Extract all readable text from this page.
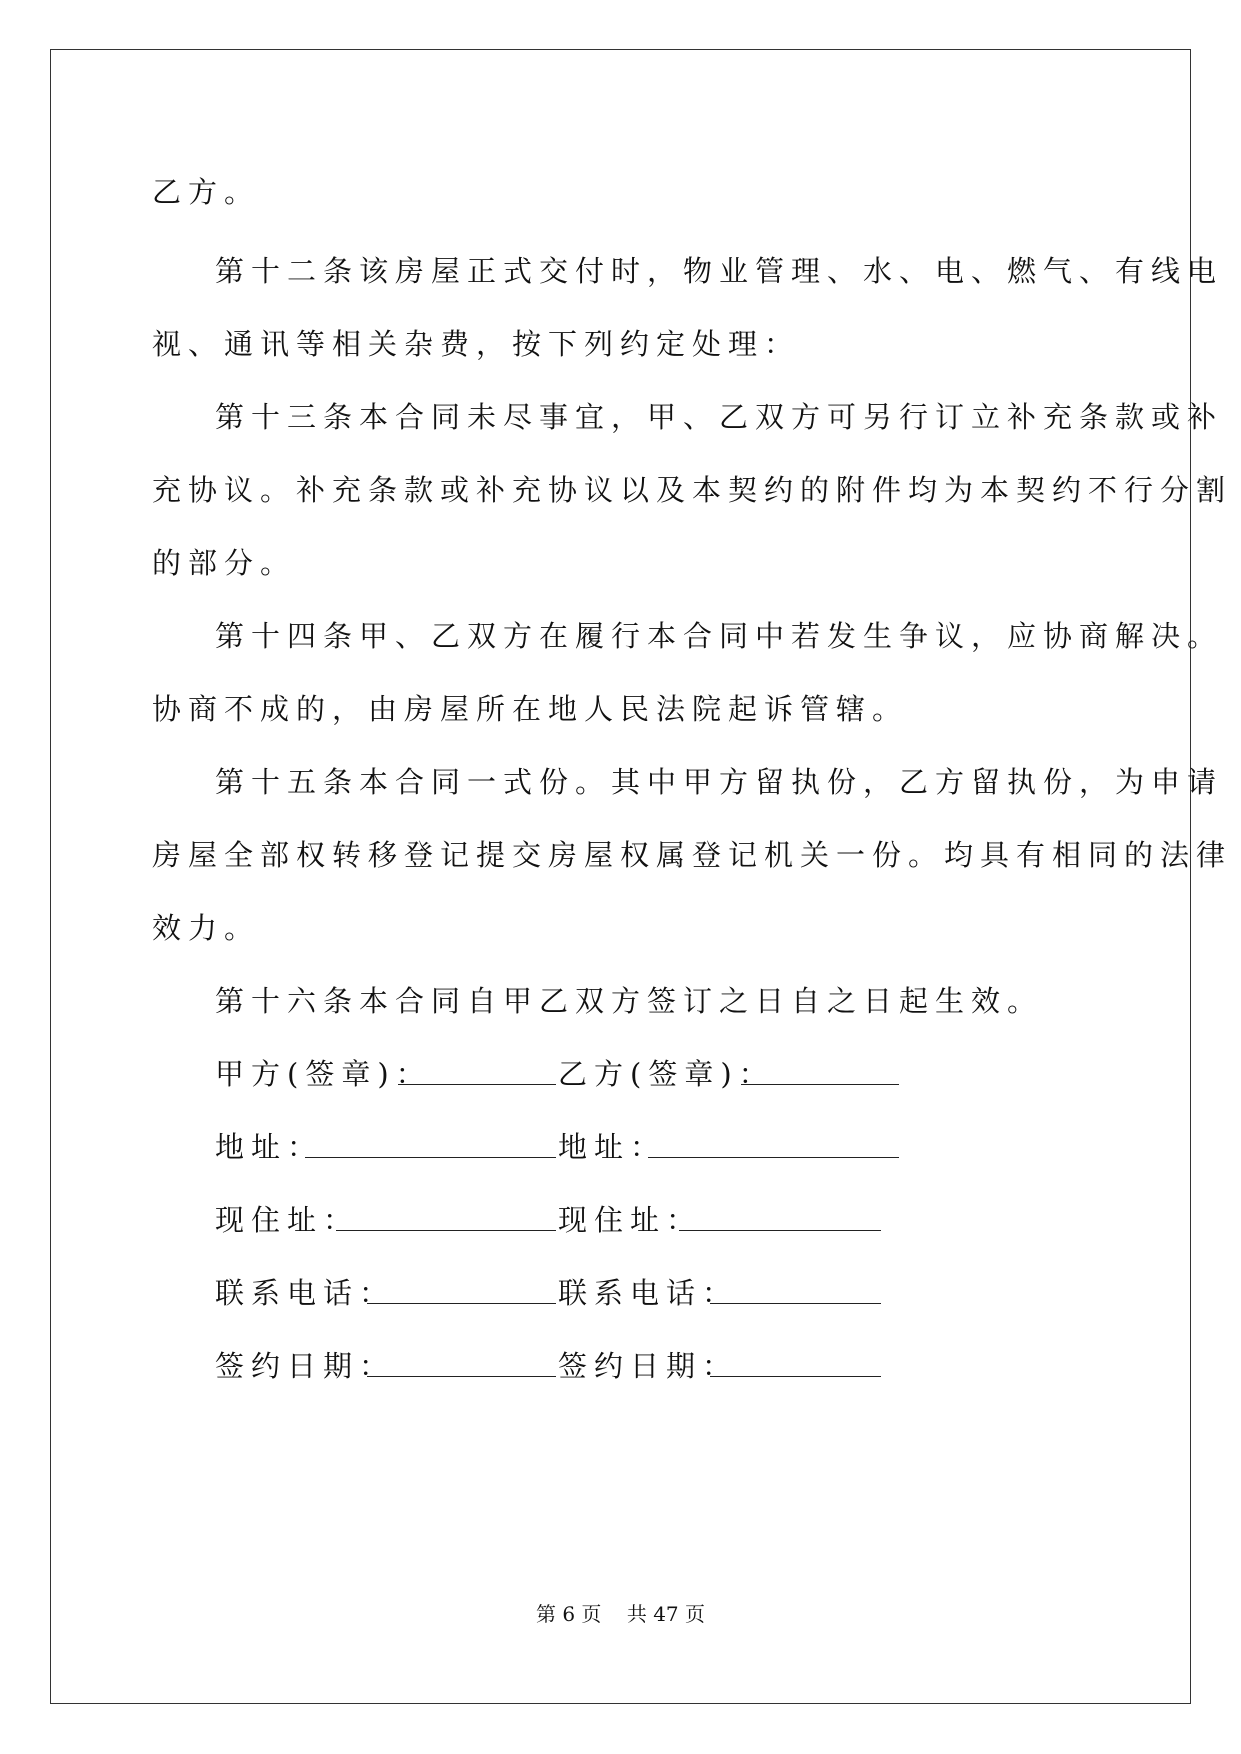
乙方。
第十二条该房屋正式交付时，物业管理、水、电、燃气、有线电
视、通讯等相关杂费，按下列约定处理：
第十三条本合同未尽事宜，甲、乙双方可另行订立补充条款或补
充协议。补充条款或补充协议以及本契约的附件均为本契约不行分割
的部分。
第十四条甲、乙双方在履行本合同中若发生争议，应协商解决。
协商不成的，由房屋所在地人民法院起诉管辖。
第十五条本合同一式份。其中甲方留执份，乙方留执份，为申请
房屋全部权转移登记提交房屋权属登记机关一份。均具有相同的法律
效力。
第十六条本合同自甲乙双方签订之日自之日起生效。
甲方(签章)：	乙方(签章)：
地址：	地址：
现住址：	现住址：
联系电话：	联系电话：
签约日期：	签约日期：
第 6 页    共 47 页
